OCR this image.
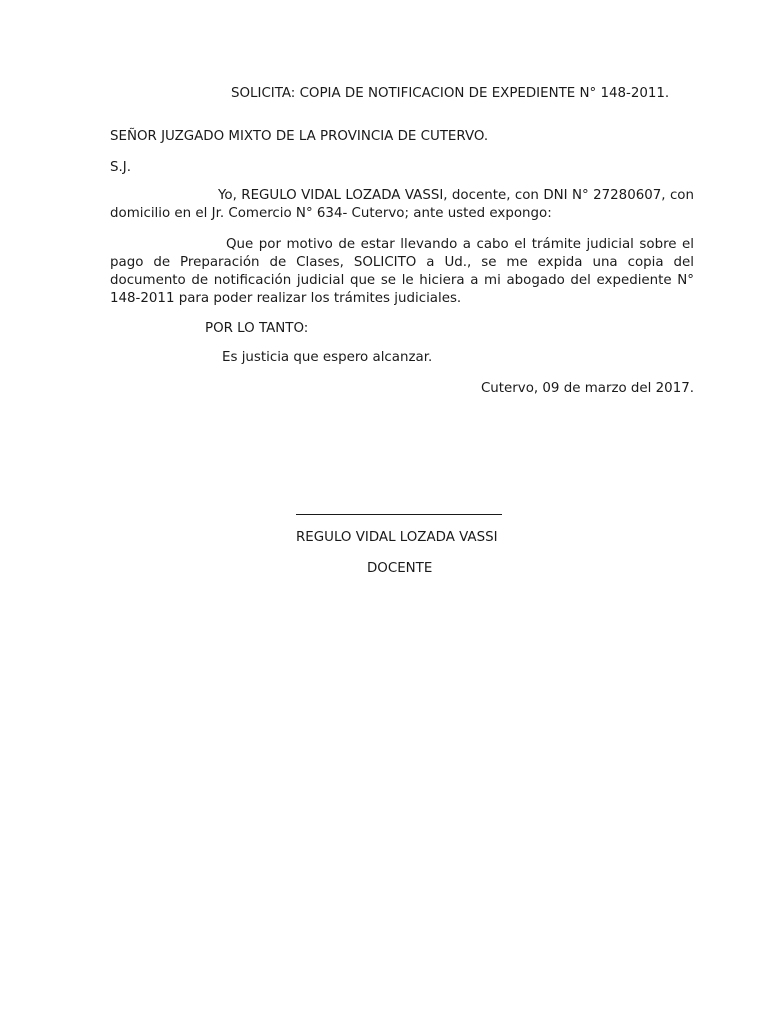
SOLICITA: COPIA DE NOTIFICACION DE EXPEDIENTE N° 148-2011.
SEÑOR JUZGADO MIXTO DE LA PROVINCIA DE CUTERVO.
S.J.

Yo, REGULO VIDAL LOZADA VASSI, docente, con DNI N° 27280607, con domicilio en el Jr. Comercio N° 634- Cutervo; ante usted expongo:

Que por motivo de estar llevando a cabo el trámite judicial sobre el pago de Preparación de Clases, SOLICITO a Ud., se me expida una copia del documento de notificación judicial que se le hiciera a mi abogado del expediente N° 148-2011 para poder realizar los trámites judiciales.

POR LO TANTO:
Es justicia que espero alcanzar.
Cutervo, 09 de marzo del 2017.
REGULO VIDAL LOZADA VASSI
DOCENTE
